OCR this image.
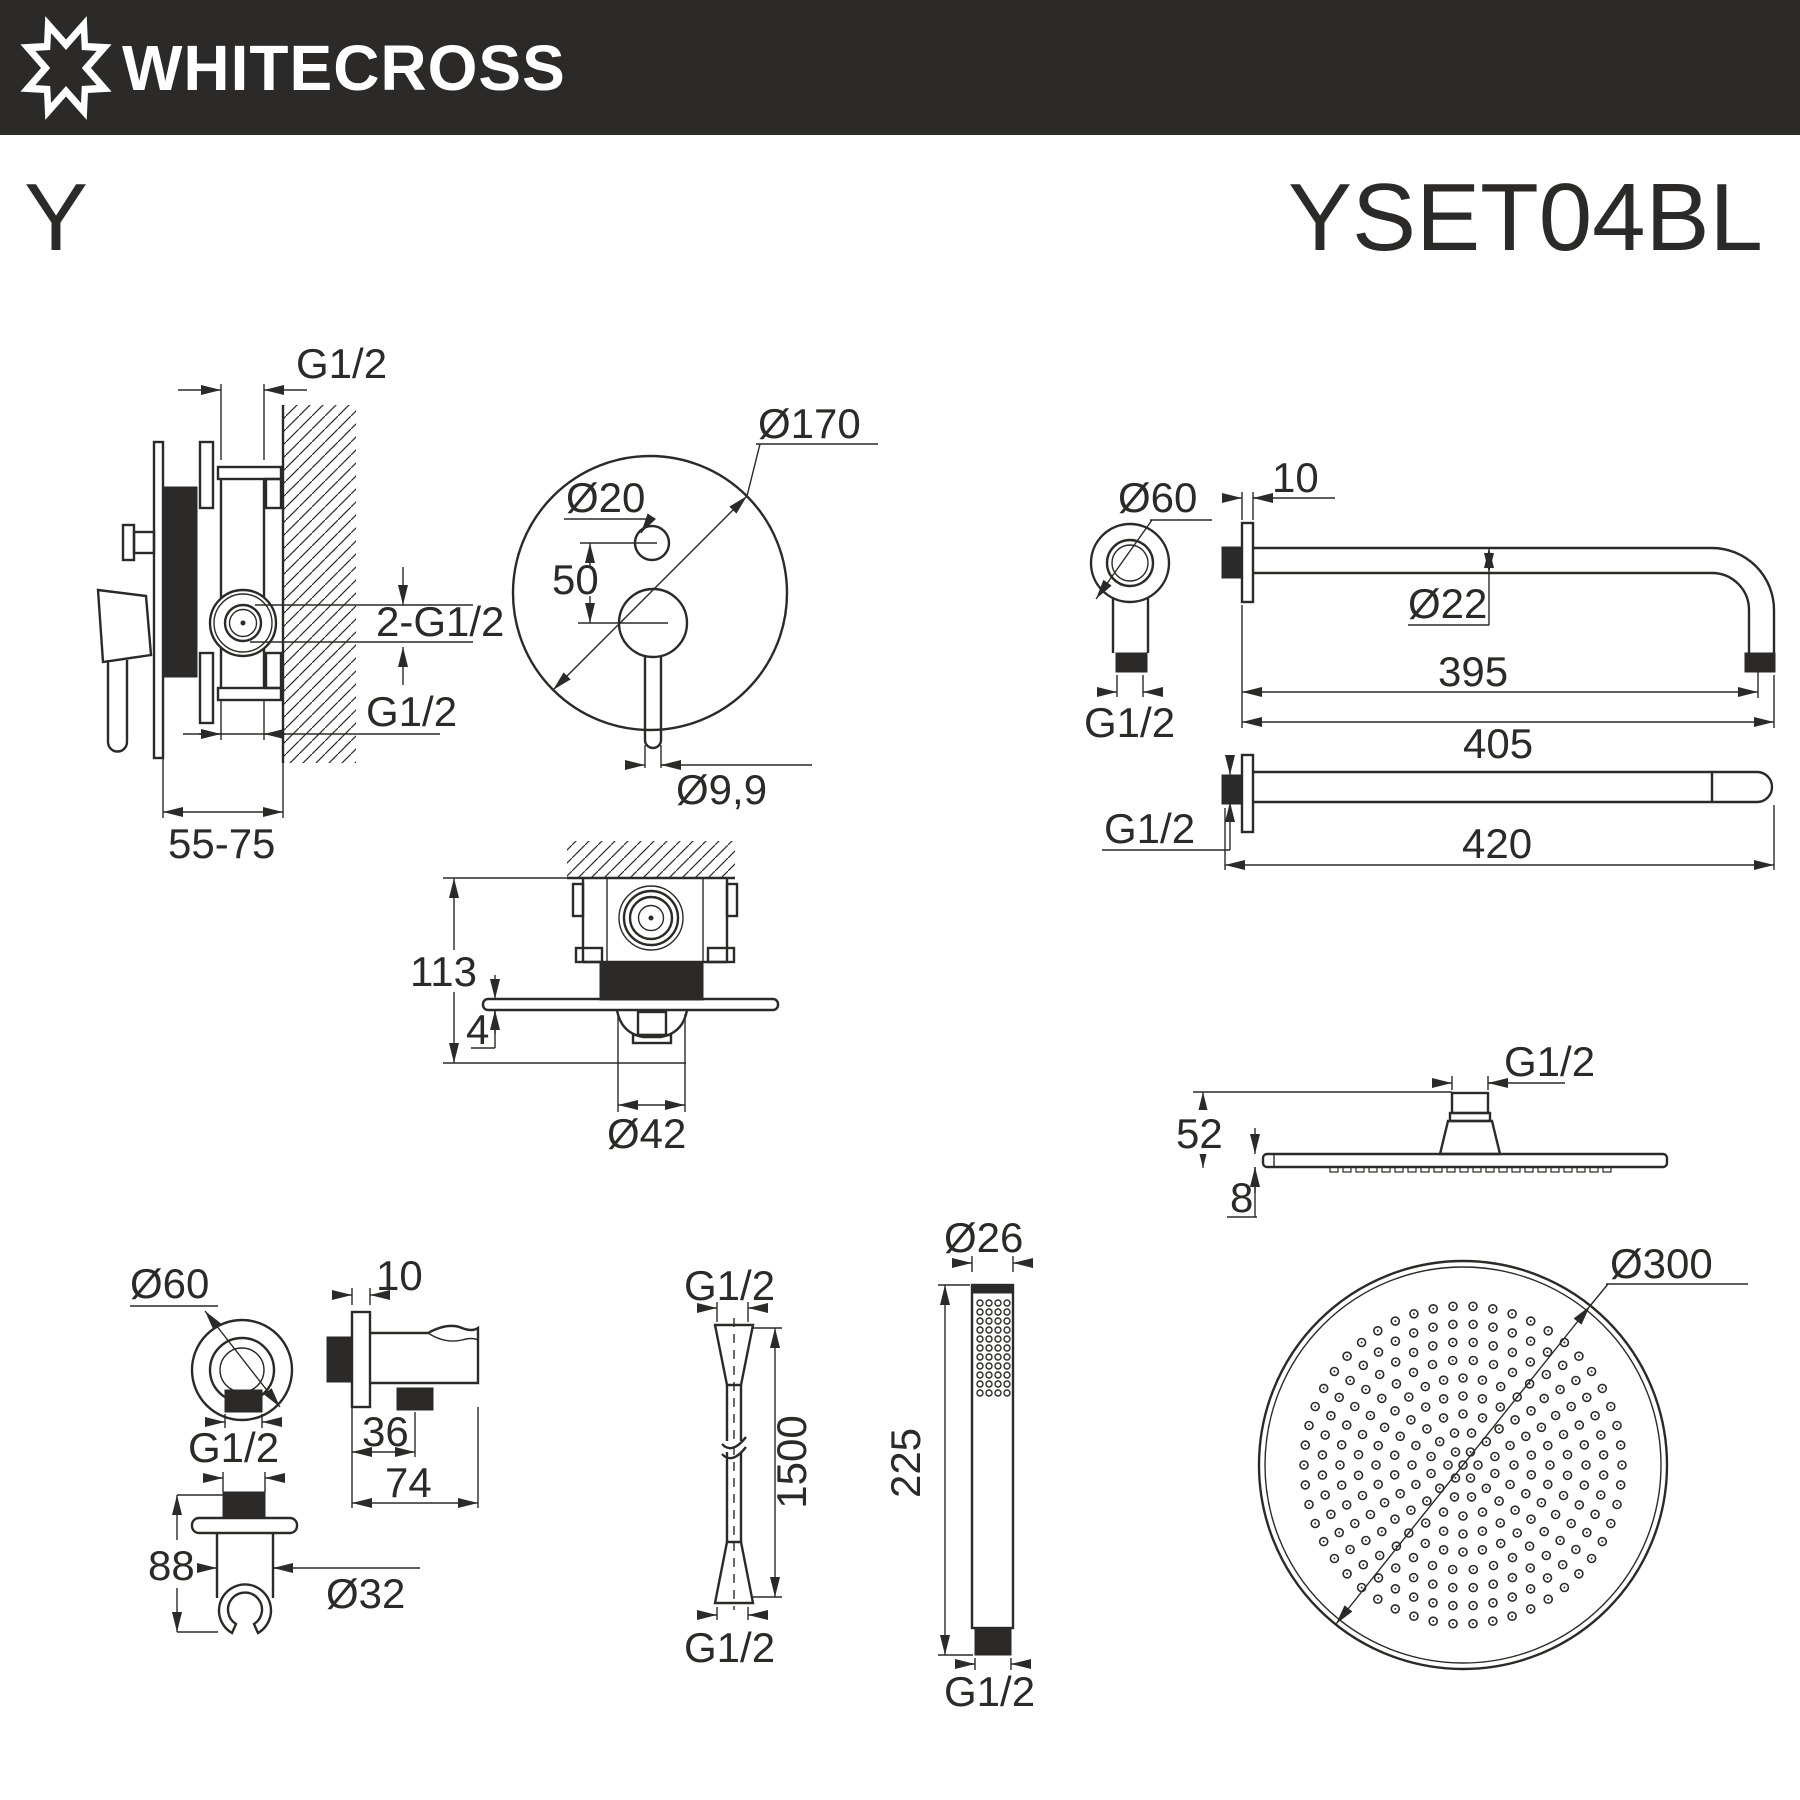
WHITECROSS
Y	YSET04BL
G1/2
2-G1/2
G1/2
55-75
Ø170
Ø20
50
Ø9,9
113
4
Ø42
Ø60
G1/2
10
Ø22
395
405
G1/2	420
52
8
G1/2
Ø300
Ø60
G1/2
10
36
74
88
Ø32
G1/2
1500
G1/2
Ø26
225
G1/2
